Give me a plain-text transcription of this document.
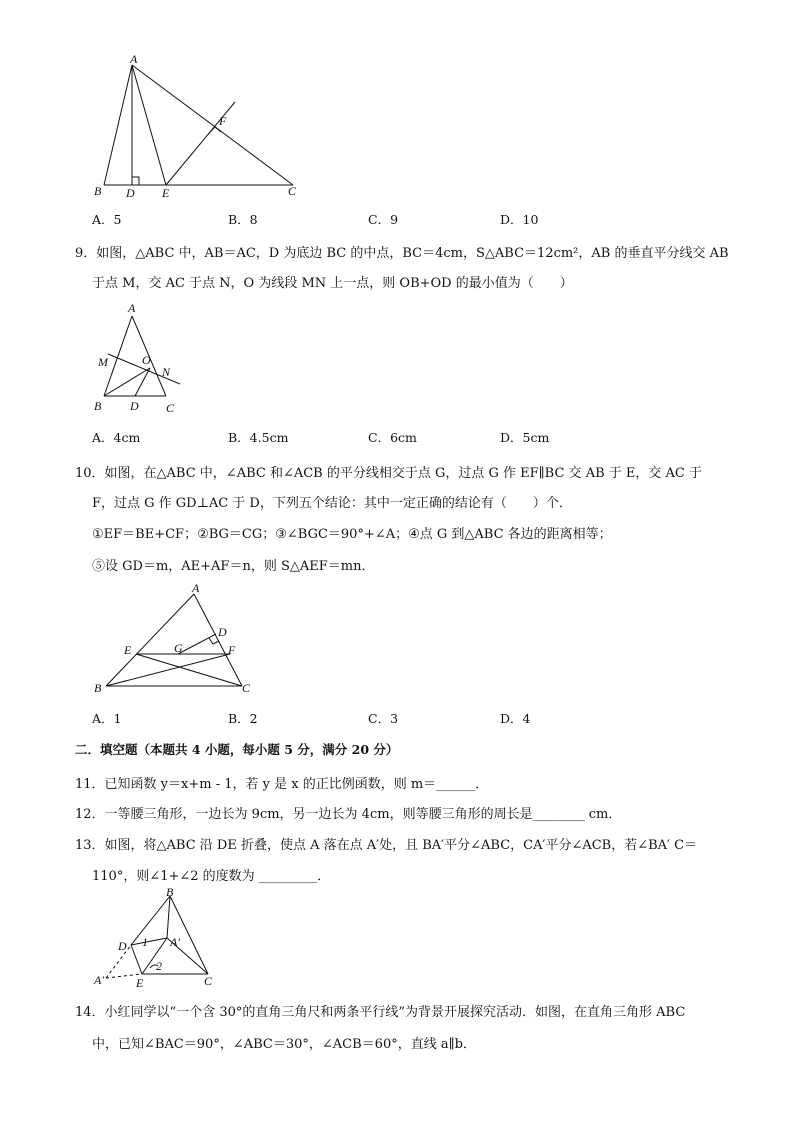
A
F
B D E	C
A．5	B．8	C．9	D．10
9．如图，△ABC 中，AB＝AC，D 为底边 BC 的中点，BC＝4cm，S△ABC＝12cm²，AB 的垂直平分线交 AB
于点 M，交 AC 于点 N，O 为线段 MN 上一点，则 OB+OD 的最小值为（　　）
A
M	O
N
B D C
A．4cm	B．4.5cm	C．6cm	D．5cm
10．如图，在△ABC 中，∠ABC 和∠ACB 的平分线相交于点 G，过点 G 作 EF∥BC 交 AB 于 E，交 AC 于
F，过点 G 作 GD⊥AC 于 D，下列五个结论：其中一定正确的结论有（　　）个．
①EF＝BE+CF；②BG＝CG；③∠BGC＝90°+∠A；④点 G 到△ABC 各边的距离相等；
⑤设 GD＝m，AE+AF＝n，则 S△AEF＝mn．
A
D
E	G	F
B	C
A．1	B．2	C．3	D．4
二．填空题（本题共 4 小题，每小题 5 分，满分 20 分）
11．已知函数 y＝x+m - 1，若 y 是 x 的正比例函数，则 m＝______．
12．一等腰三角形，一边长为 9cm，另一边长为 4cm，则等腰三角形的周长是________ cm．
13．如图，将△ABC 沿 DE 折叠，使点 A 落在点 A′处，且 BA′平分∠ABC，CA′平分∠ACB，若∠BA′ C＝
110°，则∠1+∠2 的度数为 _________．
B
D 1 A′
A′
2
E	C
14．小红同学以“一个含 30°的直角三角尺和两条平行线”为背景开展探究活动．如图，在直角三角形 ABC
中，已知∠BAC＝90°，∠ABC＝30°，∠ACB＝60°，直线 a∥b．
